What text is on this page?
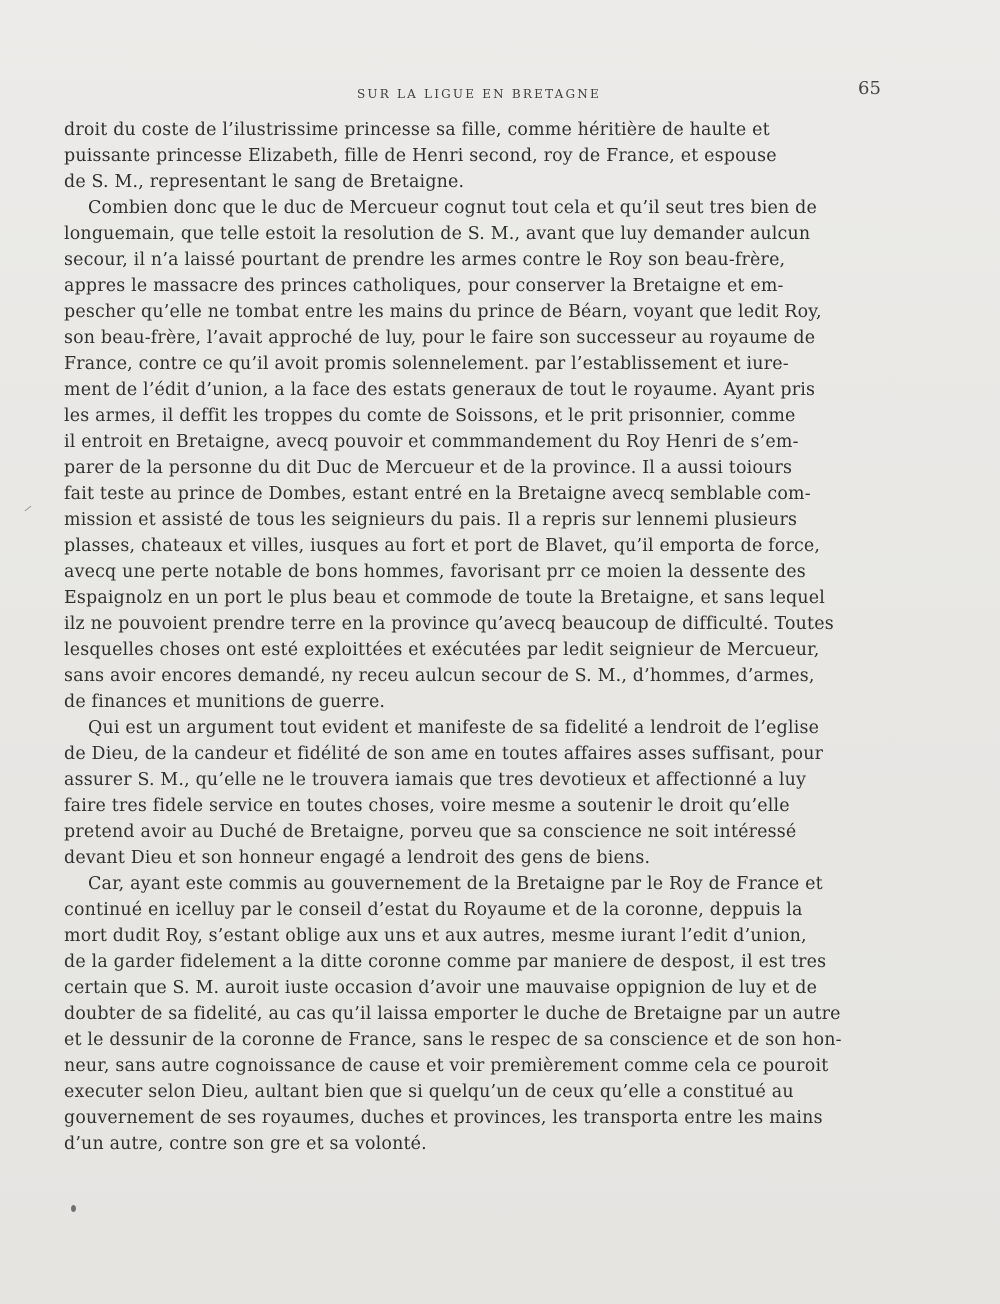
SUR LA LIGUE EN BRETAGNE	65
droit du coste de l’ilustrissime princesse sa fille, comme héritière de haulte et
puissante princesse Elizabeth, fille de Henri second, roy de France, et espouse
de S. M., representant le sang de Bretaigne.
Combien donc que le duc de Mercueur cognut tout cela et qu’il seut tres bien de
longuemain, que telle estoit la resolution de S. M., avant que luy demander aulcun
secour, il n’a laissé pourtant de prendre les armes contre le Roy son beau-frère,
appres le massacre des princes catholiques, pour conserver la Bretaigne et em-
pescher qu’elle ne tombat entre les mains du prince de Béarn, voyant que ledit Roy,
son beau-frère, l’avait approché de luy, pour le faire son successeur au royaume de
France, contre ce qu’il avoit promis solennelement. par l’establissement et iure-
ment de l’édit d’union, a la face des estats generaux de tout le royaume. Ayant pris
les armes, il deffit les troppes du comte de Soissons, et le prit prisonnier, comme
il entroit en Bretaigne, avecq pouvoir et commmandement du Roy Henri de s’em-
parer de la personne du dit Duc de Mercueur et de la province. Il a aussi toiours
fait teste au prince de Dombes, estant entré en la Bretaigne avecq semblable com-
mission et assisté de tous les seignieurs du pais. Il a repris sur lennemi plusieurs
plasses, chateaux et villes, iusques au fort et port de Blavet, qu’il emporta de force,
avecq une perte notable de bons hommes, favorisant prr ce moien la dessente des
Espaignolz en un port le plus beau et commode de toute la Bretaigne, et sans lequel
ilz ne pouvoient prendre terre en la province qu’avecq beaucoup de difficulté. Toutes
lesquelles choses ont esté exploittées et exécutées par ledit seignieur de Mercueur,
sans avoir encores demandé, ny receu aulcun secour de S. M., d’hommes, d’armes,
de finances et munitions de guerre.
Qui est un argument tout evident et manifeste de sa fidelité a lendroit de l’eglise
de Dieu, de la candeur et fidélité de son ame en toutes affaires asses suffisant, pour
assurer S. M., qu’elle ne le trouvera iamais que tres devotieux et affectionné a luy
faire tres fidele service en toutes choses, voire mesme a soutenir le droit qu’elle
pretend avoir au Duché de Bretaigne, porveu que sa conscience ne soit intéressé
devant Dieu et son honneur engagé a lendroit des gens de biens.
Car, ayant este commis au gouvernement de la Bretaigne par le Roy de France et
continué en icelluy par le conseil d’estat du Royaume et de la coronne, deppuis la
mort dudit Roy, s’estant oblige aux uns et aux autres, mesme iurant l’edit d’union,
de la garder fidelement a la ditte coronne comme par maniere de despost, il est tres
certain que S. M. auroit iuste occasion d’avoir une mauvaise oppignion de luy et de
doubter de sa fidelité, au cas qu’il laissa emporter le duche de Bretaigne par un autre
et le dessunir de la coronne de France, sans le respec de sa conscience et de son hon-
neur, sans autre cognoissance de cause et voir premièrement comme cela ce pouroit
executer selon Dieu, aultant bien que si quelqu’un de ceux qu’elle a constitué au
gouvernement de ses royaumes, duches et provinces, les transporta entre les mains
d’un autre, contre son gre et sa volonté.
